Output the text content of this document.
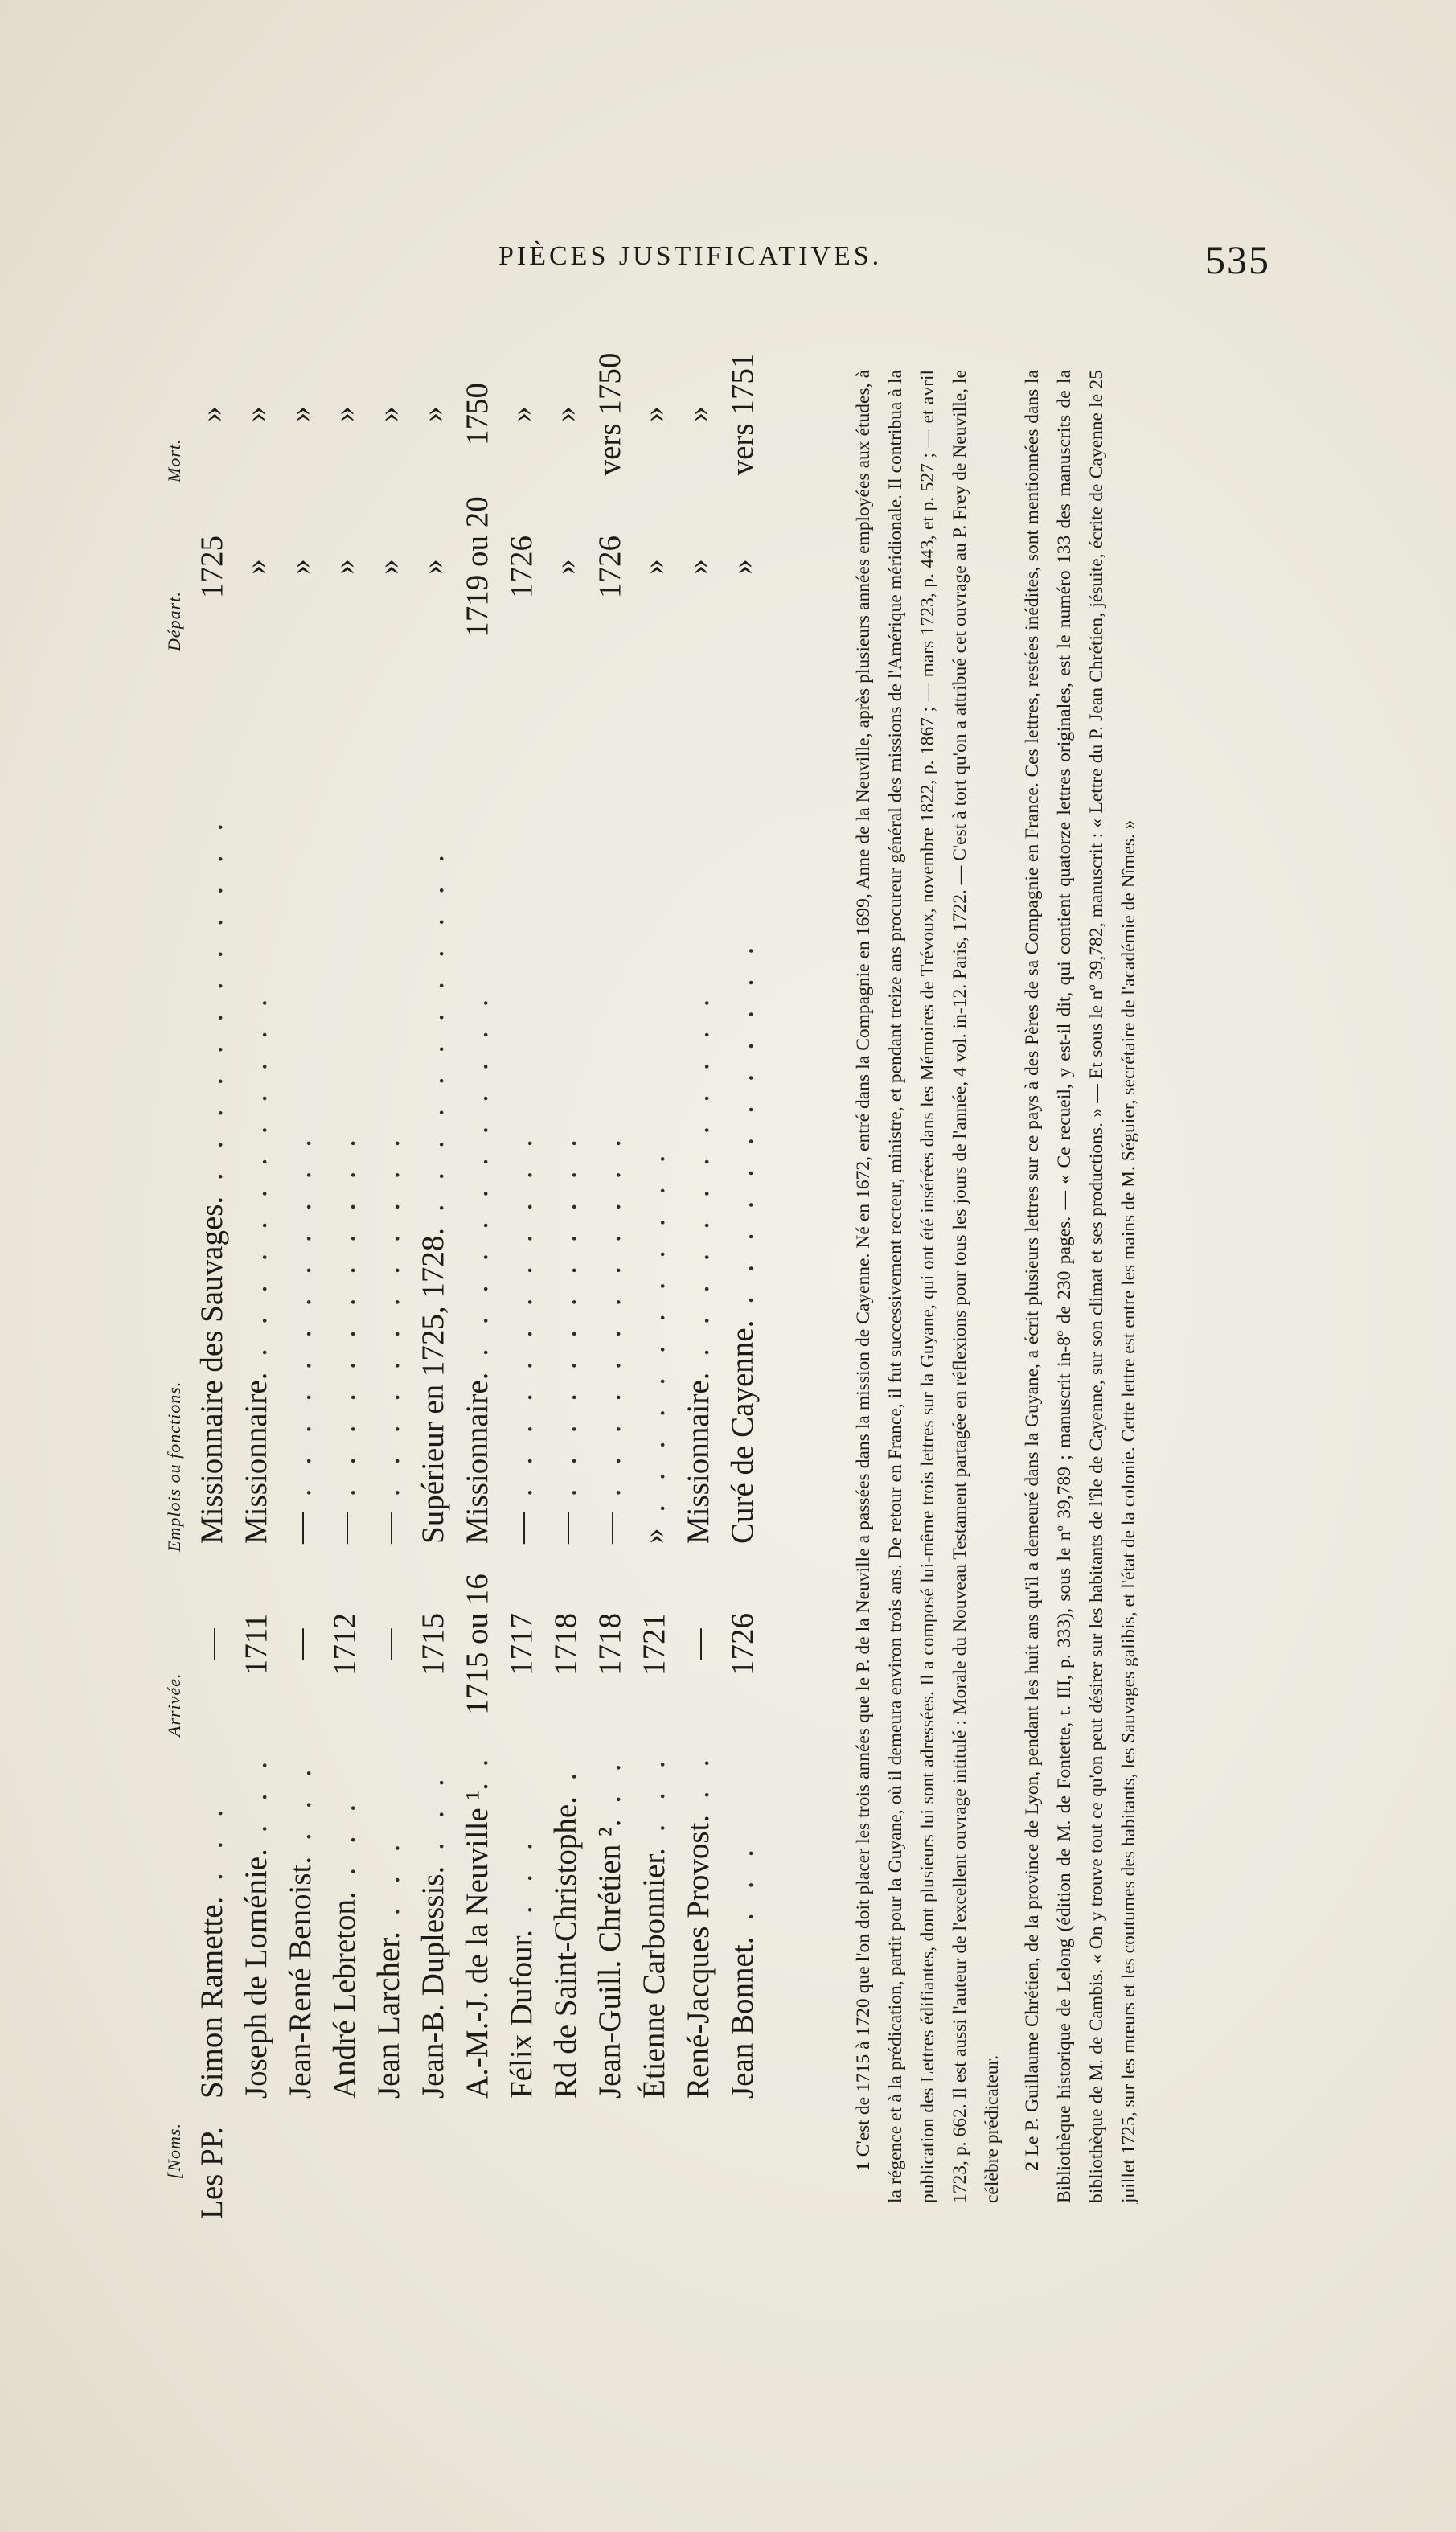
PIÈCES JUSTIFICATIVES.	535
[Noms.		Arrivée.	Emplois ou fonctions.	Départ.	Mort.
Les PP.	Simon Ramette. . . .	—	Missionnaire des Sauvages. . . . . . . . . . . . .	1725	»
	Joseph de Loménie. . . .	1711	Missionnaire. . . . . . . . . . . . .	»	»
	Jean-René Benoist. . . .	—	— . . . . . . . . . . . .	»	»
	André Lebreton. . . .	1712	— . . . . . . . . . . . .	»	»
	Jean Larcher. . . .	—	— . . . . . . . . . . . .	»	»
	Jean-B. Duplessis. . . .	1715	Supérieur en 1725, 1728. . . . . . . . . . . . .	»	»
	A.-M.-J. de la Neuville ¹. .	1715 ou 16	Missionnaire. . . . . . . . . . . . .	1719 ou 20	1750
	Félix Dufour. . . .	1717	— . . . . . . . . . . . .	1726	»
	Rd de Saint-Christophe. .	1718	— . . . . . . . . . . . .	»	»
	Jean-Guill. Chrétien ². . .	1718	— . . . . . . . . . . . .	1726	vers 1750
	Étienne Carbonnier. . . .	1721	» . . . . . . . . . . . .	»	»
	René-Jacques Provost. . .	—	Missionnaire. . . . . . . . . . . . .	»	»
	Jean Bonnet. . . .	1726	Curé de Cayenne. . . . . . . . . . . . .	»	vers 1751

1 C'est de 1715 à 1720 que l'on doit placer les trois années que le P. de la Neuville a passées dans la mission de Cayenne. Né en 1672, entré dans la Compagnie en 1699, Anne de la Neuville, après plusieurs années employées aux études, à la régence et à la prédication, partit pour la Guyane, où il demeura environ trois ans. De retour en France, il fut successivement recteur, ministre, et pendant treize ans procureur général des missions de l'Amérique méridionale. Il contribua à la publication des Lettres édifiantes, dont plusieurs lui sont adressées. Il a composé lui-même trois lettres sur la Guyane, qui ont été insérées dans les Mémoires de Trévoux, novembre 1822, p. 1867 ; — mars 1723, p. 443, et p. 527 ; — et avril 1723, p. 662. Il est aussi l'auteur de l'excellent ouvrage intitulé : Morale du Nouveau Testament partagée en réflexions pour tous les jours de l'année, 4 vol. in-12. Paris, 1722. — C'est à tort qu'on a attribué cet ouvrage au P. Frey de Neuville, le célèbre prédicateur. 2 Le P. Guillaume Chrétien, de la province de Lyon, pendant les huit ans qu'il a demeuré dans la Guyane, a écrit plusieurs lettres sur ce pays à des Pères de sa Compagnie en France. Ces lettres, restées inédites, sont mentionnées dans la Bibliothèque historique de Lelong (édition de M. de Fontette, t. III, p. 333), sous le nº 39,789 ; manuscrit in-8º de 230 pages. — « Ce recueil, y est-il dit, qui contient quatorze lettres originales, est le numéro 133 des manuscrits de la bibliothèque de M. de Cambis. « On y trouve tout ce qu'on peut désirer sur les habitants de l'île de Cayenne, sur son climat et ses productions. » — Et sous le nº 39,782, manuscrit : « Lettre du P. Jean Chrétien, jésuite, écrite de Cayenne le 25 juillet 1725, sur les mœurs et les coutumes des habitants, les Sauvages galibis, et l'état de la colonie. Cette lettre est entre les mains de M. Séguier, secrétaire de l'académie de Nîmes. »
